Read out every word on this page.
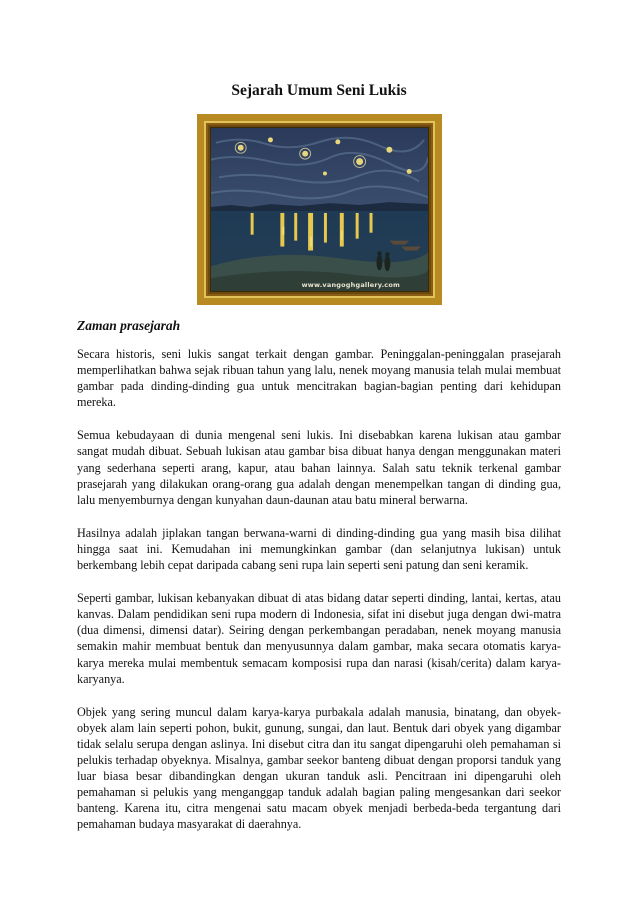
Sejarah Umum Seni Lukis
www.vangoghgallery.com
Zaman prasejarah

Secara historis, seni lukis sangat terkait dengan gambar. Peninggalan-peninggalan prasejarah memperlihatkan bahwa sejak ribuan tahun yang lalu, nenek moyang manusia telah mulai membuat gambar pada dinding-dinding gua untuk mencitrakan bagian-bagian penting dari kehidupan mereka.

Semua kebudayaan di dunia mengenal seni lukis. Ini disebabkan karena lukisan atau gambar sangat mudah dibuat. Sebuah lukisan atau gambar bisa dibuat hanya dengan menggunakan materi yang sederhana seperti arang, kapur, atau bahan lainnya. Salah satu teknik terkenal gambar prasejarah yang dilakukan orang-orang gua adalah dengan menempelkan tangan di dinding gua, lalu menyemburnya dengan kunyahan daun-daunan atau batu mineral berwarna.

Hasilnya adalah jiplakan tangan berwana-warni di dinding-dinding gua yang masih bisa dilihat hingga saat ini. Kemudahan ini memungkinkan gambar (dan selanjutnya lukisan) untuk berkembang lebih cepat daripada cabang seni rupa lain seperti seni patung dan seni keramik.

Seperti gambar, lukisan kebanyakan dibuat di atas bidang datar seperti dinding, lantai, kertas, atau kanvas. Dalam pendidikan seni rupa modern di Indonesia, sifat ini disebut juga dengan dwi-matra (dua dimensi, dimensi datar). Seiring dengan perkembangan peradaban, nenek moyang manusia semakin mahir membuat bentuk dan menyusunnya dalam gambar, maka secara otomatis karya-karya mereka mulai membentuk semacam komposisi rupa dan narasi (kisah/cerita) dalam karya-karyanya.

Objek yang sering muncul dalam karya-karya purbakala adalah manusia, binatang, dan obyek-obyek alam lain seperti pohon, bukit, gunung, sungai, dan laut. Bentuk dari obyek yang digambar tidak selalu serupa dengan aslinya. Ini disebut citra dan itu sangat dipengaruhi oleh pemahaman si pelukis terhadap obyeknya. Misalnya, gambar seekor banteng dibuat dengan proporsi tanduk yang luar biasa besar dibandingkan dengan ukuran tanduk asli. Pencitraan ini dipengaruhi oleh pemahaman si pelukis yang menganggap tanduk adalah bagian paling mengesankan dari seekor banteng. Karena itu, citra mengenai satu macam obyek menjadi berbeda-beda tergantung dari pemahaman budaya masyarakat di daerahnya.
